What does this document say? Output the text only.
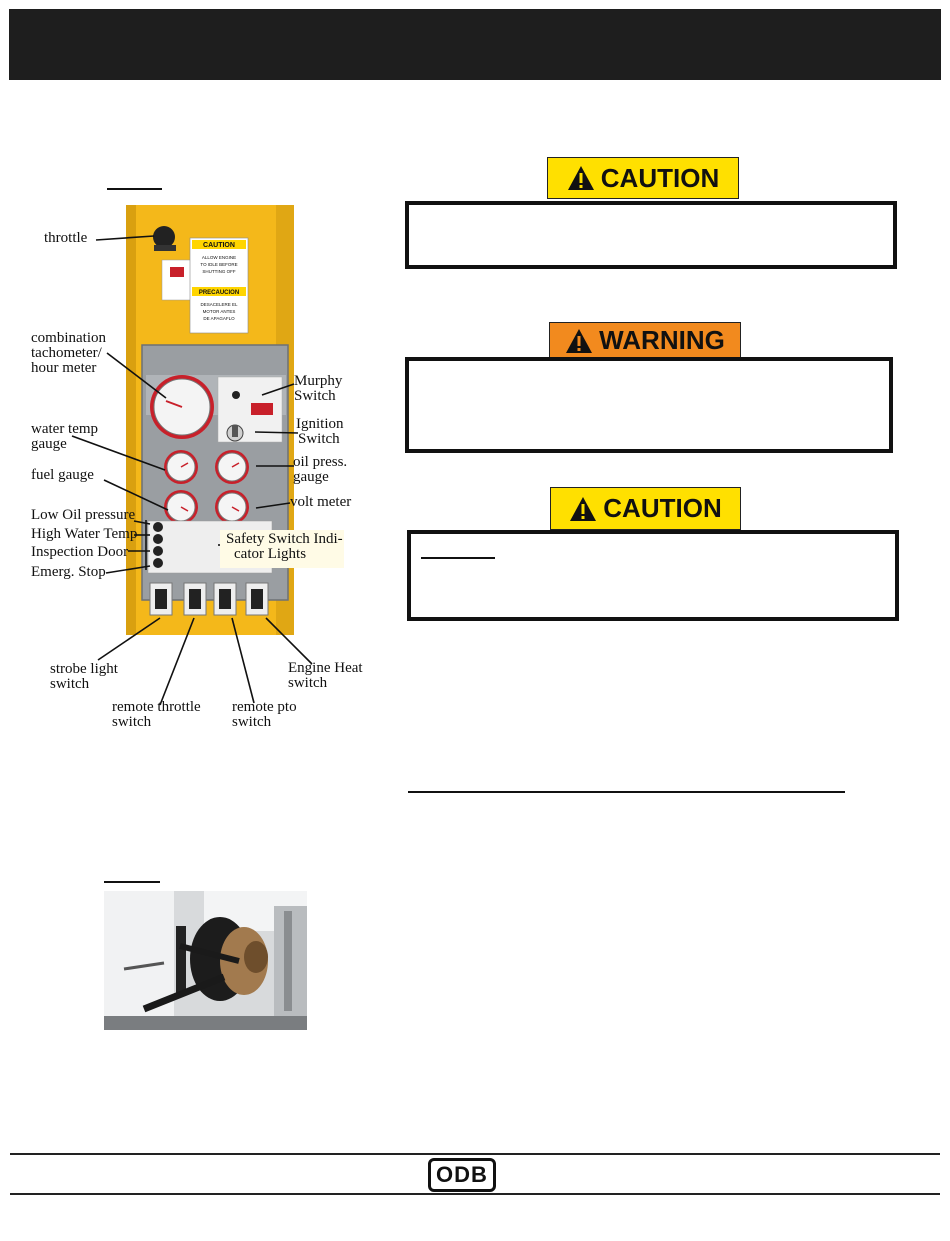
CAUTION
ALLOW ENGINE
TO IDLE BEFORE
SHUTTING OFF
PRECAUCION
DESACELERE EL
MOTOR ANTES
DE APAGAFLO
throttle
combination
tachometer/
hour meter
water temp
gauge
fuel gauge
Low Oil pressure
High Water Temp
Inspection Door
Emerg. Stop
Murphy
Switch
Ignition
Switch
oil press.
gauge
volt meter
Safety Switch Indi-
cator Lights
strobe light
switch
remote throttle
switch
remote pto
switch
Engine Heat
switch
CAUTION
WARNING
CAUTION
ODB
